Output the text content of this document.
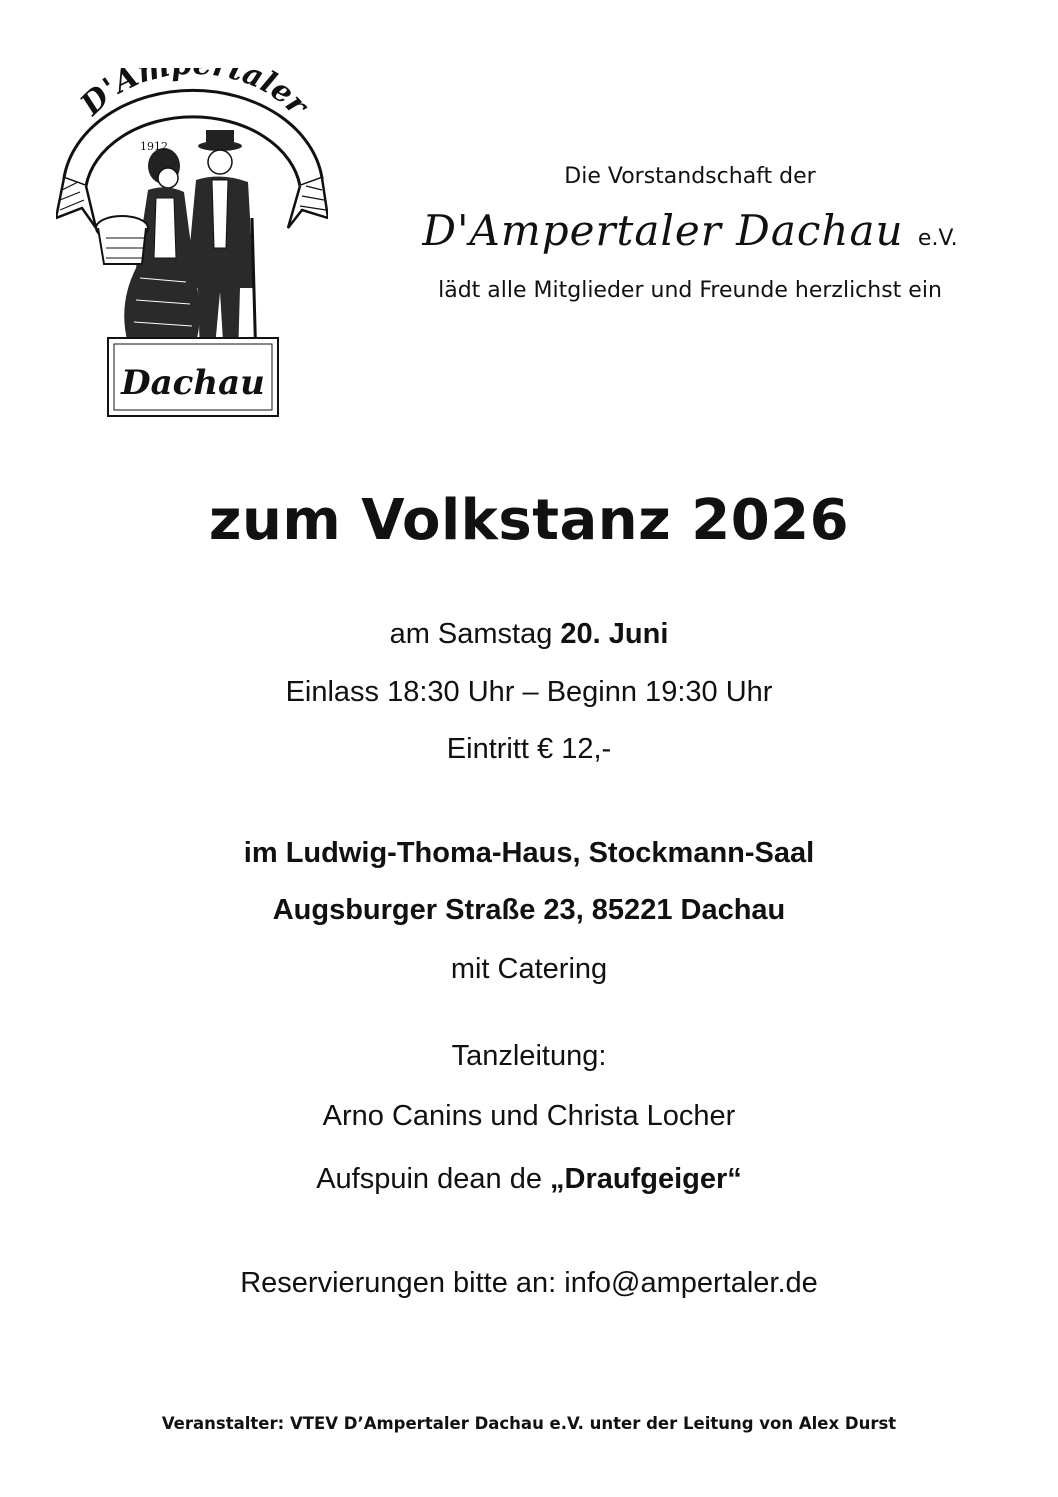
D'Am taler
1912
Dachau
Die Vorstandschaft der
D'Ampertaler Dachau e.V.
lädt alle Mitglieder und Freunde herzlichst ein
zum Volkstanz 2026
am Samstag 20. Juni
Einlass 18:30 Uhr – Beginn 19:30 Uhr
Eintritt € 12,-
im Ludwig-Thoma-Haus, Stockmann-Saal
Augsburger Straße 23, 85221 Dachau
mit Catering
Tanzleitung:
Arno Canins und Christa Locher
Aufspuin dean de „Draufgeiger“
Reservierungen bitte an: info@ampertaler.de
Veranstalter: VTEV D’Ampertaler Dachau e.V. unter der Leitung von Alex Durst
